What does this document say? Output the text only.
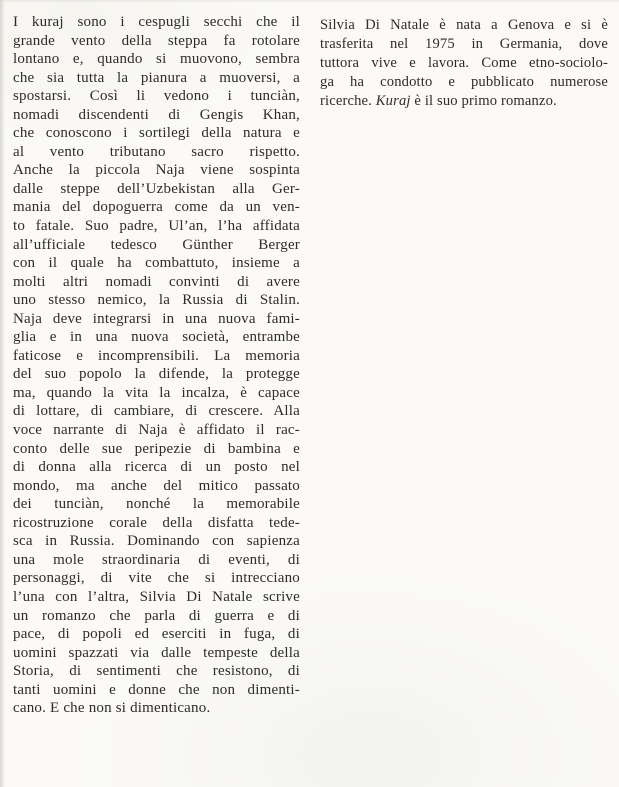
I kuraj sono i cespugli secchi che il
grande vento della steppa fa rotolare
lontano e, quando si muovono, sembra
che sia tutta la pianura a muoversi, a
spostarsi. Così li vedono i tunciàn,
nomadi discendenti di Gengis Khan,
che conoscono i sortilegi della natura e
al vento tributano sacro rispetto.
Anche la piccola Naja viene sospinta
dalle steppe dell’Uzbekistan alla Ger-
mania del dopoguerra come da un ven-
to fatale. Suo padre, Ul’an, l’ha affidata
all’ufficiale tedesco Günther Berger
con il quale ha combattuto, insieme a
molti altri nomadi convinti di avere
uno stesso nemico, la Russia di Stalin.
Naja deve integrarsi in una nuova fami-
glia e in una nuova società, entrambe
faticose e incomprensibili. La memoria
del suo popolo la difende, la protegge
ma, quando la vita la incalza, è capace
di lottare, di cambiare, di crescere. Alla
voce narrante di Naja è affidato il rac-
conto delle sue peripezie di bambina e
di donna alla ricerca di un posto nel
mondo, ma anche del mitico passato
dei tunciàn, nonché la memorabile
ricostruzione corale della disfatta tede-
sca in Russia. Dominando con sapienza
una mole straordinaria di eventi, di
personaggi, di vite che si intrecciano
l’una con l’altra, Silvia Di Natale scrive
un romanzo che parla di guerra e di
pace, di popoli ed eserciti in fuga, di
uomini spazzati via dalle tempeste della
Storia, di sentimenti che resistono, di
tanti uomini e donne che non dimenti-
cano. E che non si dimenticano.
Silvia Di Natale è nata a Genova e si è
trasferita nel 1975 in Germania, dove
tuttora vive e lavora. Come etno-sociolo-
ga ha condotto e pubblicato numerose
ricerche. Kuraj è il suo primo romanzo.
